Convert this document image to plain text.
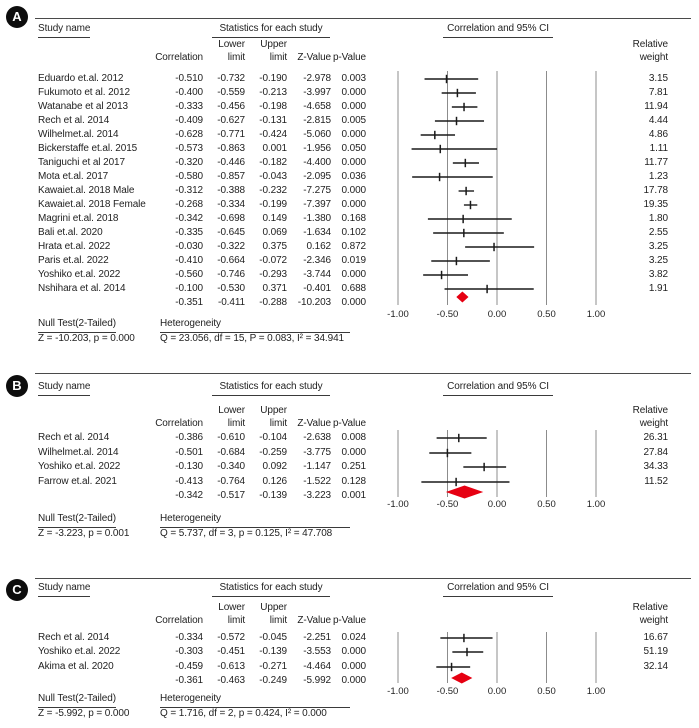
A
Study name	Statistics for each study	Correlation and 95% CI
Lower Upper	Relative
Correlation limit limit Z-Value p-Value	weight
Eduardo et.al. 2012	-0.510 -0.732 -0.190 -2.978 0.003	3.15
Fukumoto et al. 2012	-0.400 -0.559 -0.213 -3.997 0.000	7.81
Watanabe et al 2013	-0.333 -0.456 -0.198 -4.658 0.000	11.94
Rech et al. 2014	-0.409 -0.627 -0.131 -2.815 0.005	4.44
Wilhelmet.al. 2014	-0.628 -0.771 -0.424 -5.060 0.000	4.86
Bickerstaffe et.al. 2015	-0.573 -0.863 0.001 -1.956 0.050	1.11
Taniguchi et al 2017	-0.320 -0.446 -0.182 -4.400 0.000	11.77
Mota et.al. 2017	-0.580 -0.857 -0.043 -2.095 0.036	1.23
Kawaiet.al. 2018 Male	-0.312 -0.388 -0.232 -7.275 0.000	17.78
Kawaiet.al. 2018 Female	-0.268 -0.334 -0.199 -7.397 0.000	19.35
Magrini et.al. 2018	-0.342 -0.698 0.149 -1.380 0.168	1.80
Bali et.al. 2020	-0.335 -0.645 0.069 -1.634 0.102	2.55
Hrata et.al. 2022	-0.030 -0.322 0.375 0.162 0.872	3.25
Paris et.al. 2022	-0.410 -0.664 -0.072 -2.346 0.019	3.25
Yoshiko et.al. 2022	-0.560 -0.746 -0.293 -3.744 0.000	3.82
Nshihara et al. 2014	-0.100 -0.530 0.371 -0.401 0.688	1.91
-0.351 -0.411 -0.288 -10.203 0.000
-1.00	-0.50	0.00	0.50	1.00
Null Test(2-Tailed)
Z = -10.203, p = 0.000
Heterogeneity
Q = 23.056, df = 15, P = 0.083, I² = 34.941
B	Study name	Statistics for each study	Correlation and 95% CI
Lower Upper	Relative
Correlation limit limit Z-Value p-Value	weight
Rech et al. 2014	-0.386 -0.610 -0.104 -2.638 0.008	26.31
Wilhelmet.al. 2014	-0.501 -0.684 -0.259 -3.775 0.000	27.84
Yoshiko et.al. 2022	-0.130 -0.340 0.092 -1.147 0.251	34.33
Farrow et.al. 2021	-0.413 -0.764 0.126 -1.522 0.128	11.52
-0.342 -0.517 -0.139 -3.223 0.001
-1.00	-0.50	0.00	0.50	1.00
Null Test(2-Tailed)
Z = -3.223, p = 0.001
Heterogeneity
Q = 5.737, df = 3, p = 0.125, I² = 47.708
C	Study name	Statistics for each study	Correlation and 95% CI
Lower Upper	Relative
Correlation limit limit Z-Value p-Value	weight
Rech et al. 2014	-0.334 -0.572 -0.045 -2.251 0.024	16.67
Yoshiko et.al. 2022	-0.303 -0.451 -0.139 -3.553 0.000	51.19
Akima et al. 2020	-0.459 -0.613 -0.271 -4.464 0.000	32.14
-0.361 -0.463 -0.249 -5.992 0.000
-1.00	-0.50	0.00	0.50	1.00
Null Test(2-Tailed)
Z = -5.992, p = 0.000
Heterogeneity
Q = 1.716, df = 2, p = 0.424, I² = 0.000
